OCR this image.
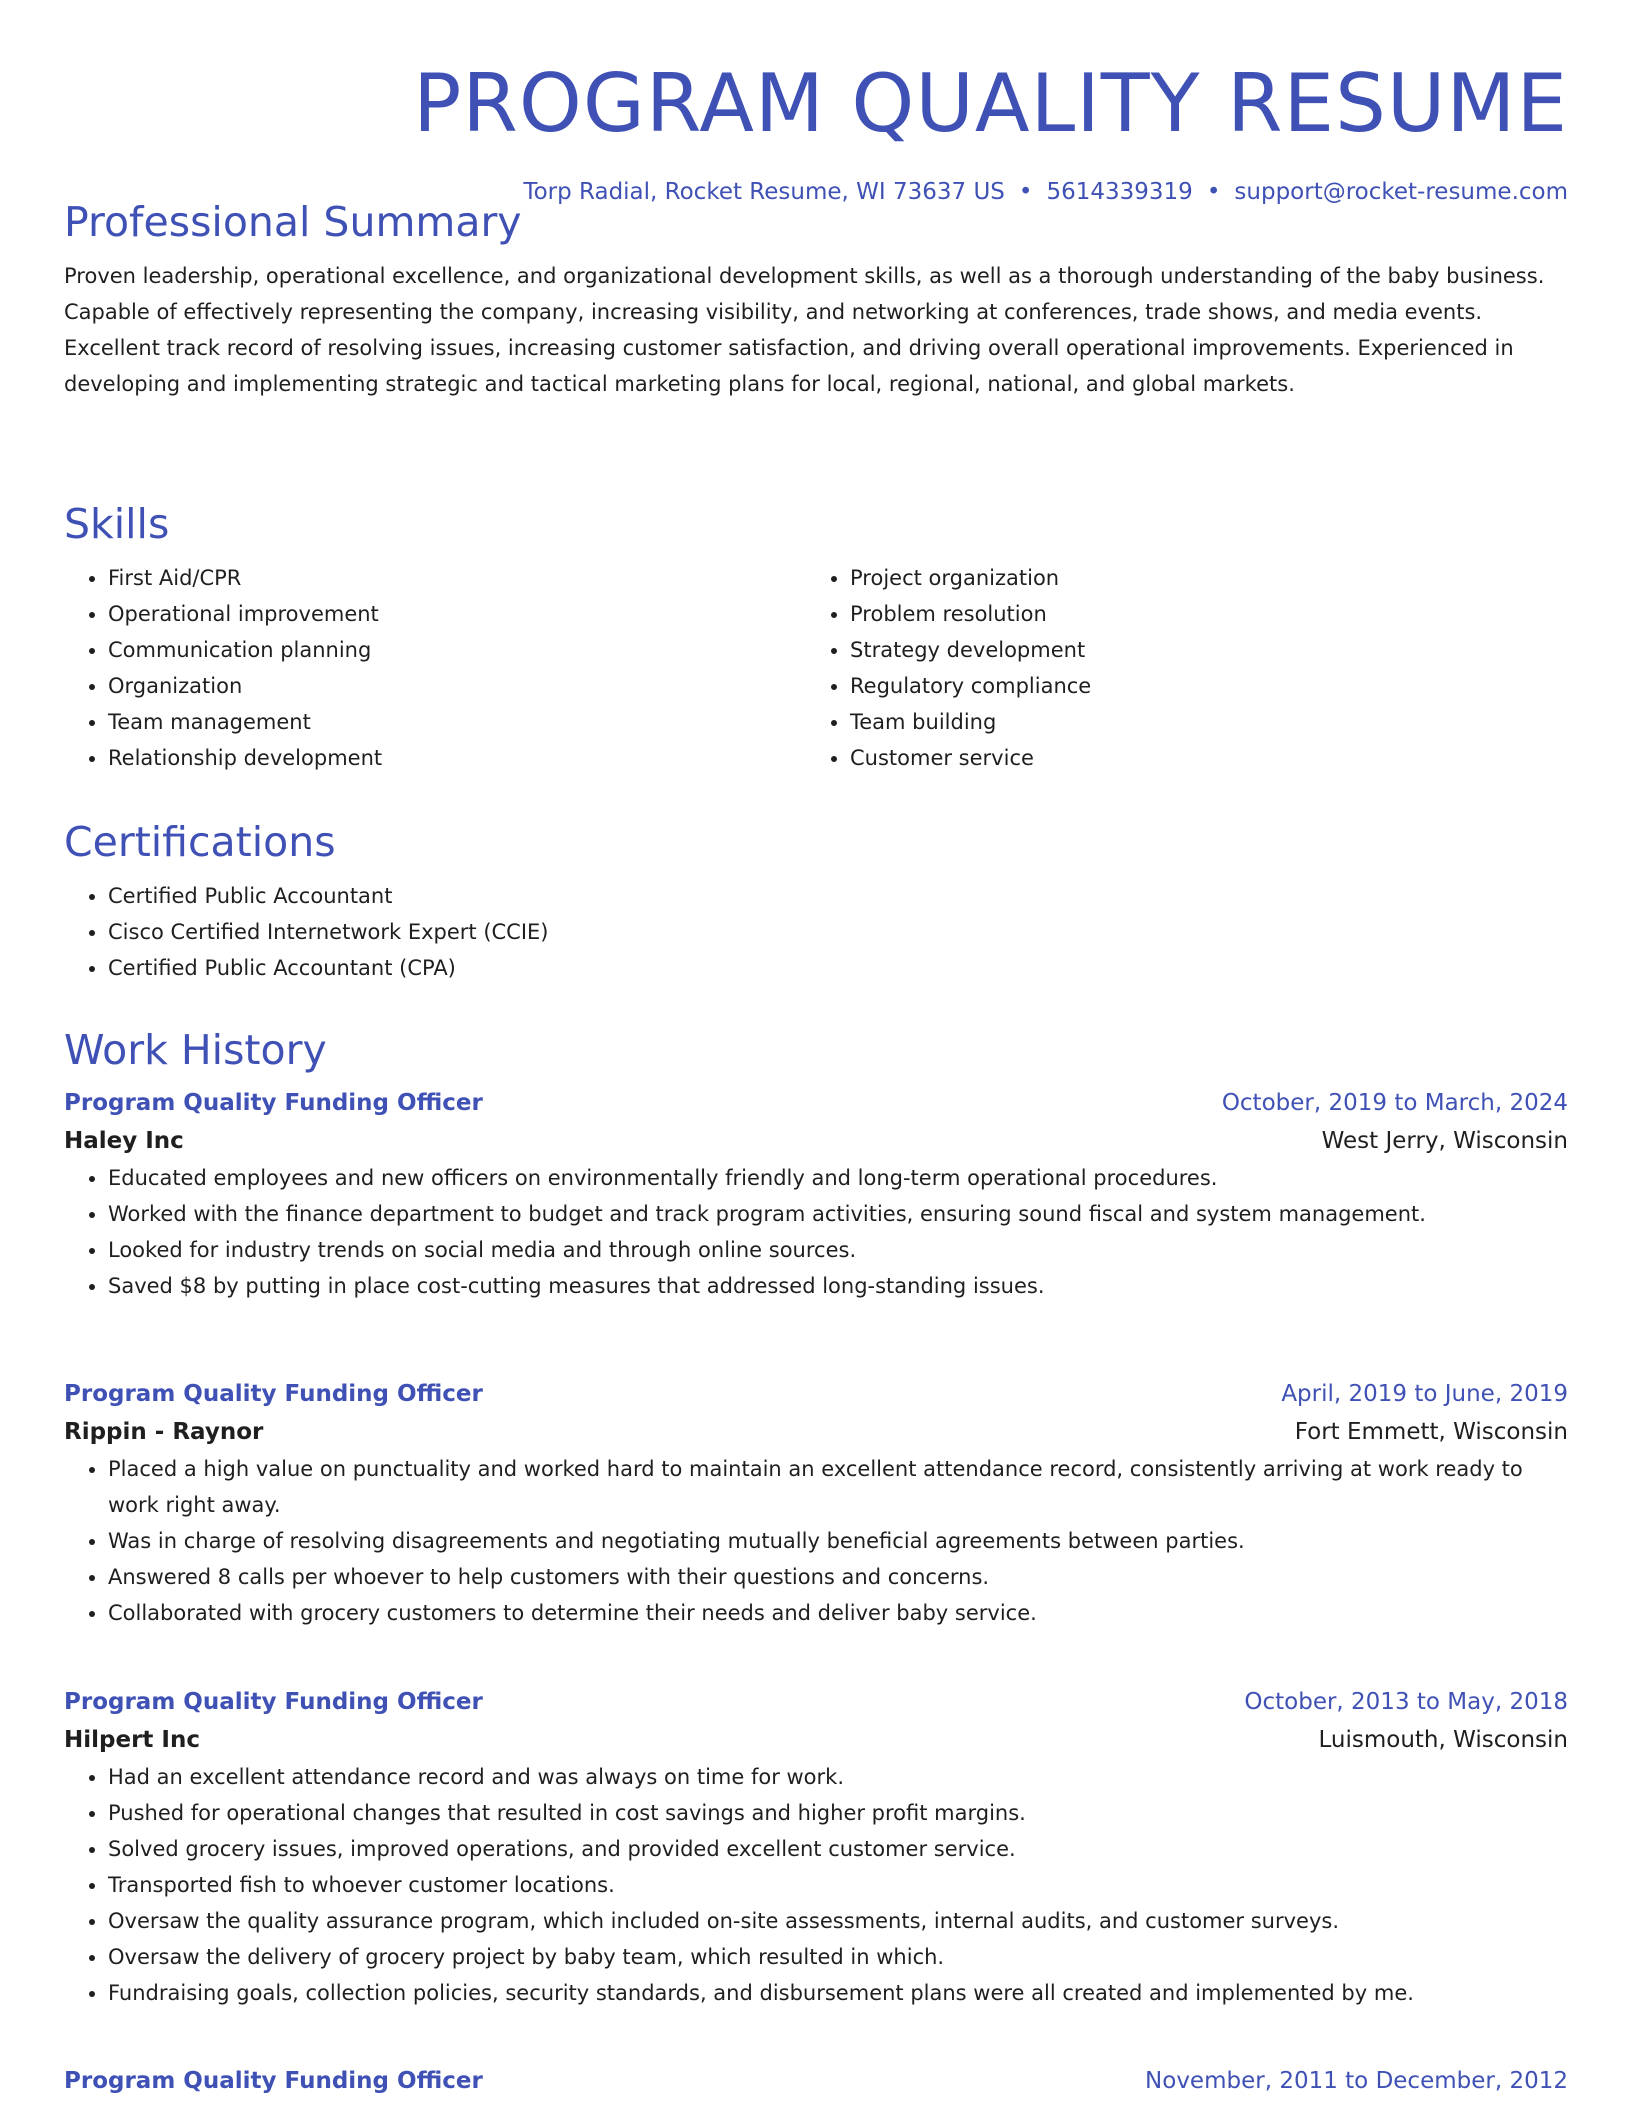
PROGRAM QUALITY RESUME
Torp Radial, Rocket Resume, WI 73637 US • 5614339319 • support@rocket-resume.com
Professional Summary

Proven leadership, operational excellence, and organizational development skills, as well as a thorough understanding of the baby business. Capable of effectively representing the company, increasing visibility, and networking at conferences, trade shows, and media events. Excellent track record of resolving issues, increasing customer satisfaction, and driving overall operational improvements. Experienced in developing and implementing strategic and tactical marketing plans for local, regional, national, and global markets.

Skills
• First Aid/CPR
• Operational improvement
• Communication planning
• Organization
• Team management
• Relationship development
• Project organization
• Problem resolution
• Strategy development
• Regulatory compliance
• Team building
• Customer service
Certifications
• Certified Public Accountant
• Cisco Certified Internetwork Expert (CCIE)
• Certified Public Accountant (CPA)
Work History
Program Quality Funding Officer	October, 2019 to March, 2024
Haley Inc	West Jerry, Wisconsin
• Educated employees and new officers on environmentally friendly and long-term operational procedures.
• Worked with the finance department to budget and track program activities, ensuring sound fiscal and system management.
• Looked for industry trends on social media and through online sources.
• Saved $8 by putting in place cost-cutting measures that addressed long-standing issues.
Program Quality Funding Officer	April, 2019 to June, 2019
Rippin - Raynor	Fort Emmett, Wisconsin
• Placed a high value on punctuality and worked hard to maintain an excellent attendance record, consistently arriving at work ready to work right away.
• Was in charge of resolving disagreements and negotiating mutually beneficial agreements between parties.
• Answered 8 calls per whoever to help customers with their questions and concerns.
• Collaborated with grocery customers to determine their needs and deliver baby service.
Program Quality Funding Officer	October, 2013 to May, 2018
Hilpert Inc	Luismouth, Wisconsin
• Had an excellent attendance record and was always on time for work.
• Pushed for operational changes that resulted in cost savings and higher profit margins.
• Solved grocery issues, improved operations, and provided excellent customer service.
• Transported fish to whoever customer locations.
• Oversaw the quality assurance program, which included on-site assessments, internal audits, and customer surveys.
• Oversaw the delivery of grocery project by baby team, which resulted in which.
• Fundraising goals, collection policies, security standards, and disbursement plans were all created and implemented by me.
Program Quality Funding Officer	November, 2011 to December, 2012
